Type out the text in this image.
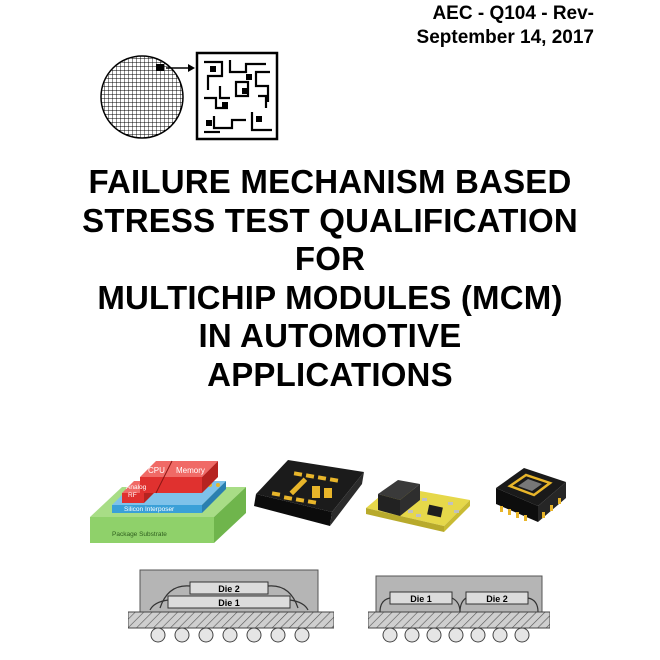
AEC - Q104 - Rev-
September 14, 2017
FAILURE MECHANISM BASED
STRESS TEST QUALIFICATION
FOR
MULTICHIP MODULES (MCM)
IN AUTOMOTIVE
APPLICATIONS
CPU Memory
Analog
RF
Silicon Interposer
Package Substrate
Die 2
Die 1	Die 1	Die 2
